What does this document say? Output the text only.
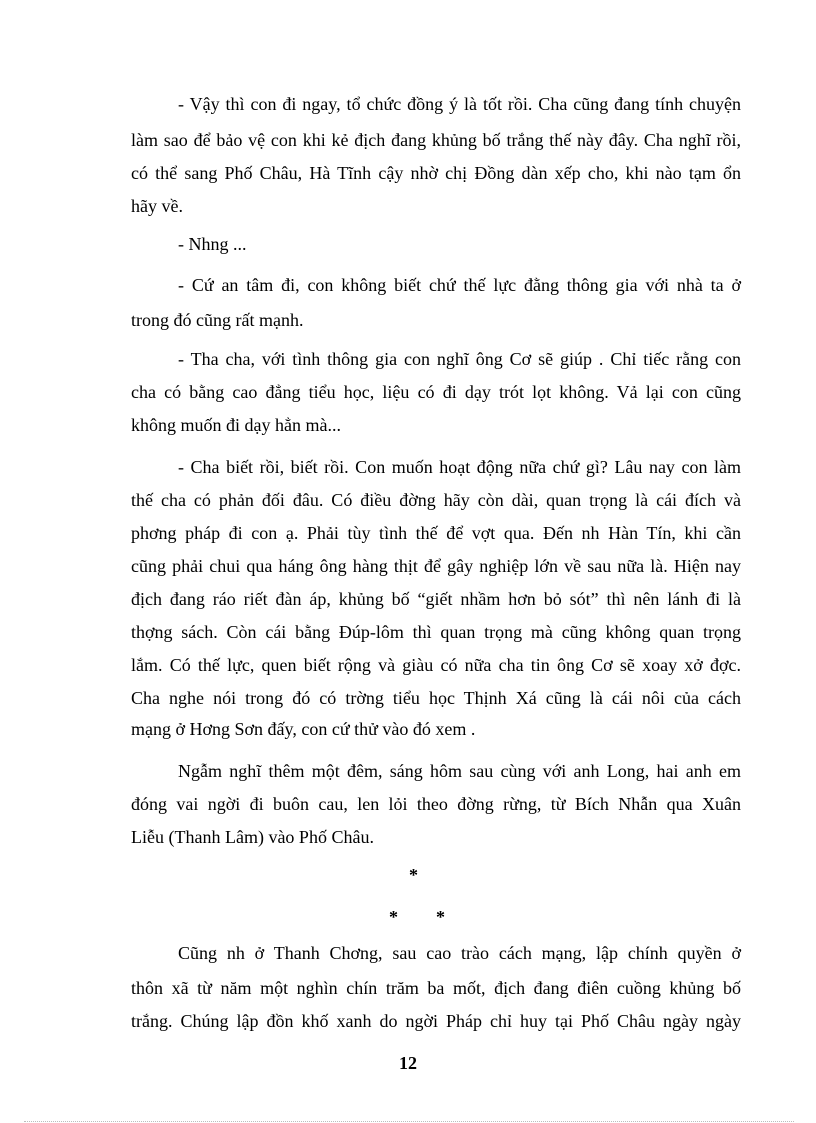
- Vậy thì con đi ngay, tổ chức đồng ý là tốt rồi. Cha cũng đang tính chuyện
làm sao để bảo vệ con khi kẻ địch đang khủng bố trắng thế này đây. Cha nghĩ rồi,
có thể sang Phố Châu, Hà Tĩnh cậy nhờ chị Đồng dàn xếp cho, khi nào tạm ổn
hãy về.
- Nhng ...
- Cứ an tâm đi, con không biết chứ thế lực đằng thông gia với nhà ta ở
trong đó cũng rất mạnh.
- Tha cha, với tình thông gia con nghĩ ông Cơ sẽ giúp . Chỉ tiếc rằng con
cha có bằng cao đẳng tiểu học, liệu có đi dạy trót lọt không. Vả lại con cũng
không muốn đi dạy hẳn mà...
- Cha biết rồi, biết rồi. Con muốn hoạt động nữa chứ gì? Lâu nay con làm
thế cha có phản đối đâu. Có điều đờng hãy còn dài, quan trọng là cái đích và
phơng pháp đi con ạ. Phải tùy tình thế để vợt qua. Đến nh Hàn Tín, khi cần
cũng phải chui qua háng ông hàng thịt để gây nghiệp lớn về sau nữa là. Hiện nay
địch đang ráo riết đàn áp, khủng bố “giết nhầm hơn bỏ sót” thì nên lánh đi là
thợng sách. Còn cái bằng Đúp-lôm thì quan trọng mà cũng không quan trọng
lắm. Có thế lực, quen biết rộng và giàu có nữa cha tin ông Cơ sẽ xoay xở đợc.
Cha nghe nói trong đó có trờng tiểu học Thịnh Xá cũng là cái nôi của cách
mạng ở Hơng Sơn đấy, con cứ thử vào đó xem .
Ngẫm nghĩ thêm một đêm, sáng hôm sau cùng với anh Long, hai anh em
đóng vai ngời đi buôn cau, len lỏi theo đờng rừng, từ Bích Nhẫn qua Xuân
Liễu (Thanh Lâm) vào Phố Châu.
*
* *
Cũng nh ở Thanh Chơng, sau cao trào cách mạng, lập chính quyền ở
thôn xã từ năm một nghìn chín trăm ba mốt, địch đang điên cuồng khủng bố
trắng. Chúng lập đồn khố xanh do ngời Pháp chỉ huy tại Phố Châu ngày ngày
12
